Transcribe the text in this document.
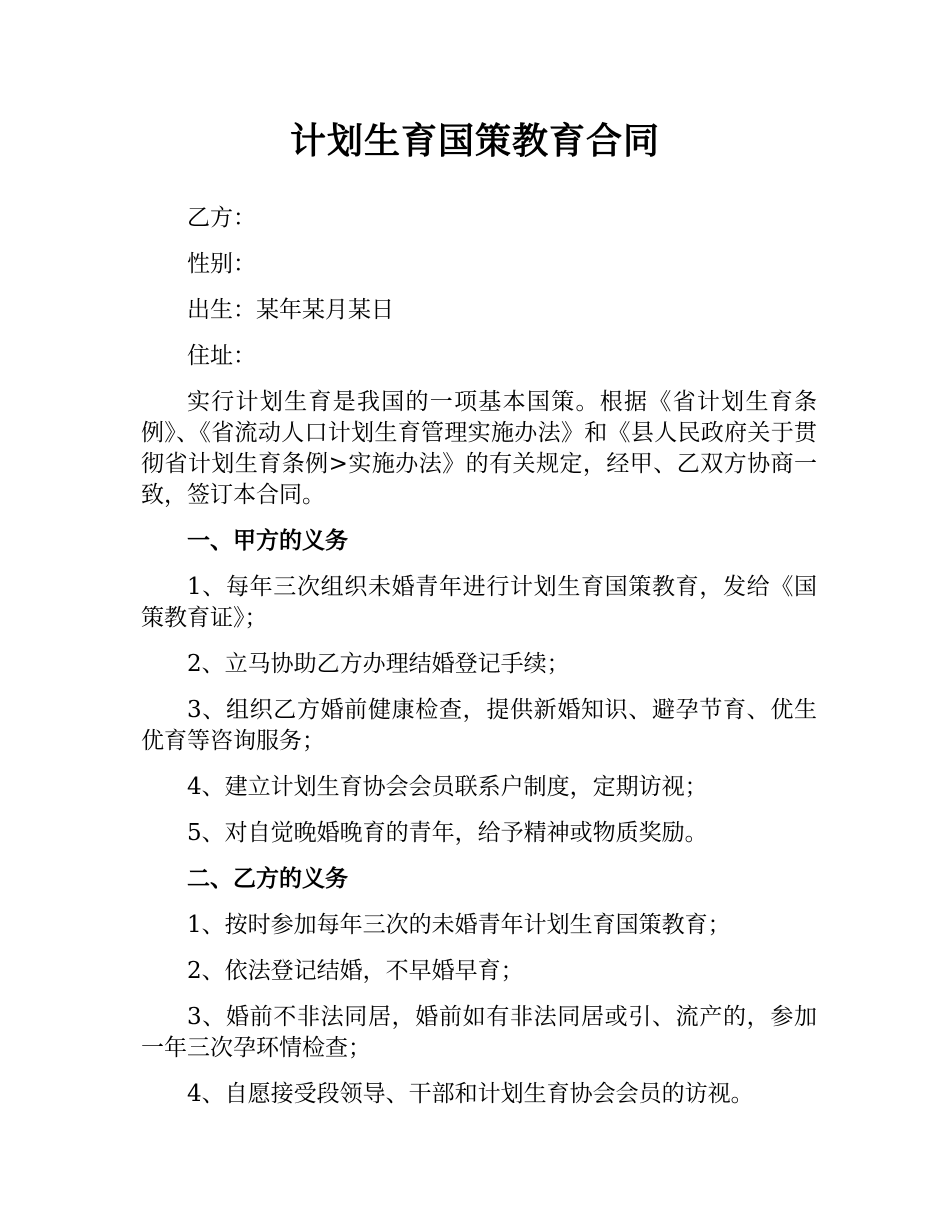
计划生育国策教育合同

乙方：

性别：

出生：某年某月某日

住址：

实行计划生育是我国的一项基本国策。根据《省计划生育条例》、《省流动人口计划生育管理实施办法》和《县人民政府关于贯彻省计划生育条例>实施办法》的有关规定，经甲、乙双方协商一致，签订本合同。

一、甲方的义务

1、每年三次组织未婚青年进行计划生育国策教育，发给《国策教育证》；

2、立马协助乙方办理结婚登记手续；

3、组织乙方婚前健康检查，提供新婚知识、避孕节育、优生优育等咨询服务；

4、建立计划生育协会会员联系户制度，定期访视；

5、对自觉晚婚晚育的青年，给予精神或物质奖励。

二、乙方的义务

1、按时参加每年三次的未婚青年计划生育国策教育；

2、依法登记结婚，不早婚早育；

3、婚前不非法同居，婚前如有非法同居或引、流产的，参加一年三次孕环情检查；

4、自愿接受段领导、干部和计划生育协会会员的访视。
